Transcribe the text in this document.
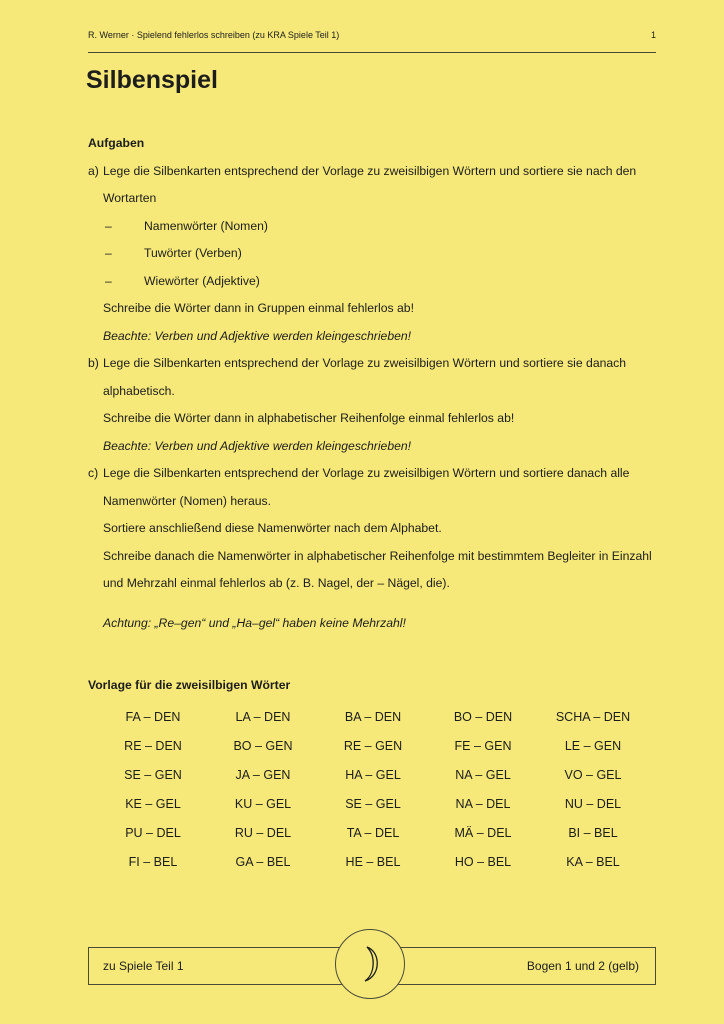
R. Werner · Spielend fehlerlos schreiben (zu KRA Spiele Teil 1)	1
Silbenspiel

Aufgaben

a) Lege die Silbenkarten entsprechend der Vorlage zu zweisilbigen Wörtern und sortiere sie nach den Wortarten
–	Namenwörter (Nomen)
–	Tuwörter (Verben)
–	Wiewörter (Adjektive)

Schreibe die Wörter dann in Gruppen einmal fehlerlos ab!

Beachte: Verben und Adjektive werden kleingeschrieben!

b) Lege die Silbenkarten entsprechend der Vorlage zu zweisilbigen Wörtern und sortiere sie danach alphabetisch.

Schreibe die Wörter dann in alphabetischer Reihenfolge einmal fehlerlos ab!

Beachte: Verben und Adjektive werden kleingeschrieben!

c) Lege die Silbenkarten entsprechend der Vorlage zu zweisilbigen Wörtern und sortiere danach alle Namenwörter (Nomen) heraus.

Sortiere anschließend diese Namenwörter nach dem Alphabet.

Schreibe danach die Namenwörter in alphabetischer Reihenfolge mit bestimmtem Begleiter in Einzahl und Mehrzahl einmal fehlerlos ab (z. B. Nagel, der – Nägel, die).

Achtung: „Re–gen“ und „Ha–gel“ haben keine Mehrzahl!

Vorlage für die zweisilbigen Wörter
FA – DEN	LA – DEN	BA – DEN	BO – DEN	SCHA – DEN
RE – DEN	BO – GEN	RE – GEN	FE – GEN	LE – GEN
SE – GEN	JA – GEN	HA – GEL	NA – GEL	VO – GEL
KE – GEL	KU – GEL	SE – GEL	NA – DEL	NU – DEL
PU – DEL	RU – DEL	TA – DEL	MÄ – DEL	BI – BEL
FI – BEL	GA – BEL	HE – BEL	HO – BEL	KA – BEL
zu Spiele Teil 1	Bogen 1 und 2 (gelb)
